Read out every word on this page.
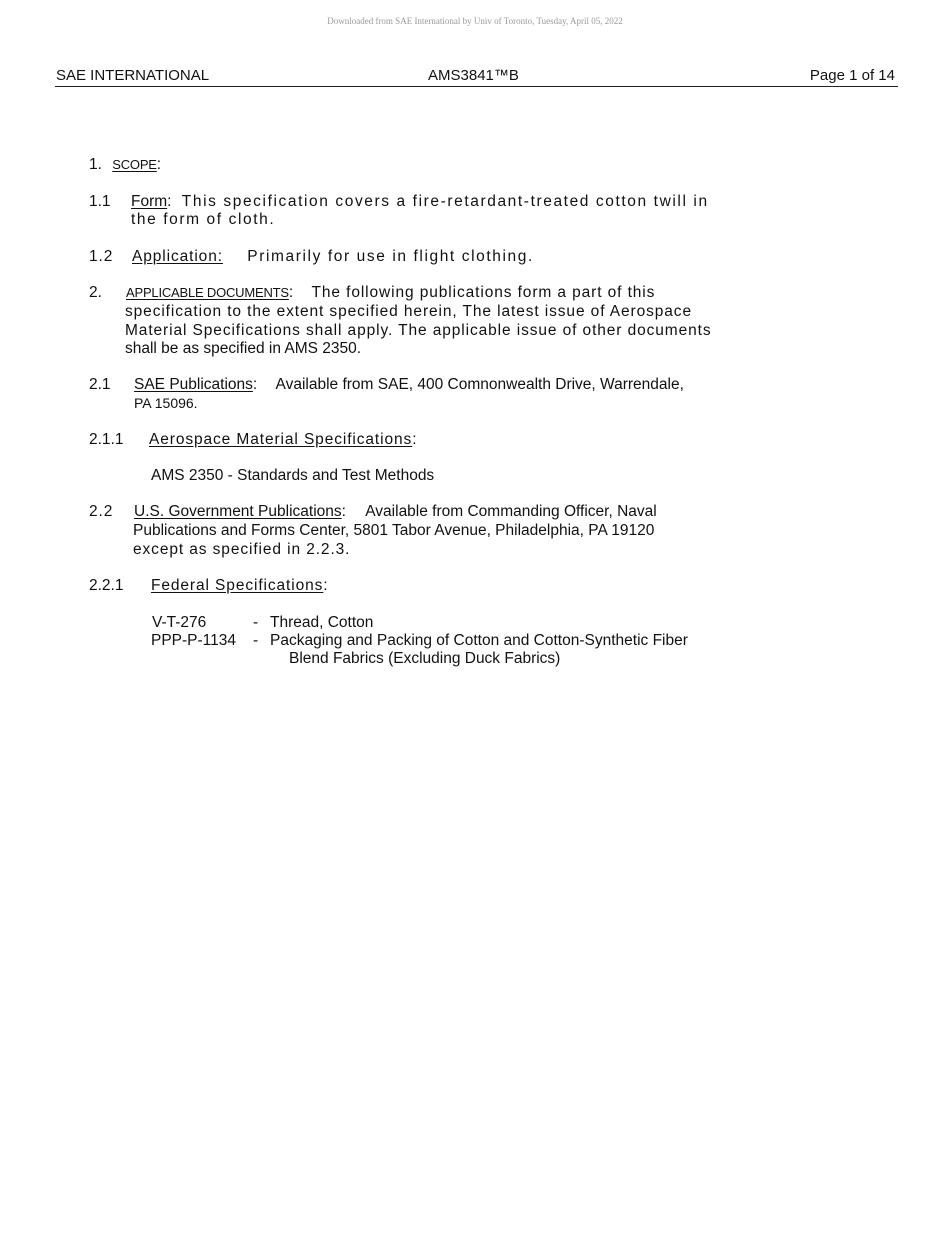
Downloaded from SAE International by Univ of Toronto, Tuesday, April 05, 2022
SAE INTERNATIONAL	AMS3841™B	Page 1 of 14
1. SCOPE:
1.1 Form: This specification covers a fire-retardant-treated cotton twill in
the form of cloth.
1.2 Application: Primarily for use in flight clothing.
2. APPLICABLE DOCUMENTS: The following publications form a part of this
specification to the extent specified herein, The latest issue of Aerospace
Material Specifications shall apply. The applicable issue of other documents
shall be as specified in AMS 2350.
2.1 SAE Publications: Available from SAE, 400 Comnonwealth Drive, Warrendale,
PA 15096.
2.1.1 Aerospace Material Specifications:
AMS 2350 - Standards and Test Methods
2.2 U.S. Government Publications: Available from Commanding Officer, Naval
Publications and Forms Center, 5801 Tabor Avenue, Philadelphia, PA 19120
except as specified in 2.2.3.
2.2.1 Federal Specifications:
V-T-276	- Thread, Cotton
PPP-P-1134 - Packaging and Packing of Cotton and Cotton-Synthetic Fiber
Blend Fabrics (Excluding Duck Fabrics)
